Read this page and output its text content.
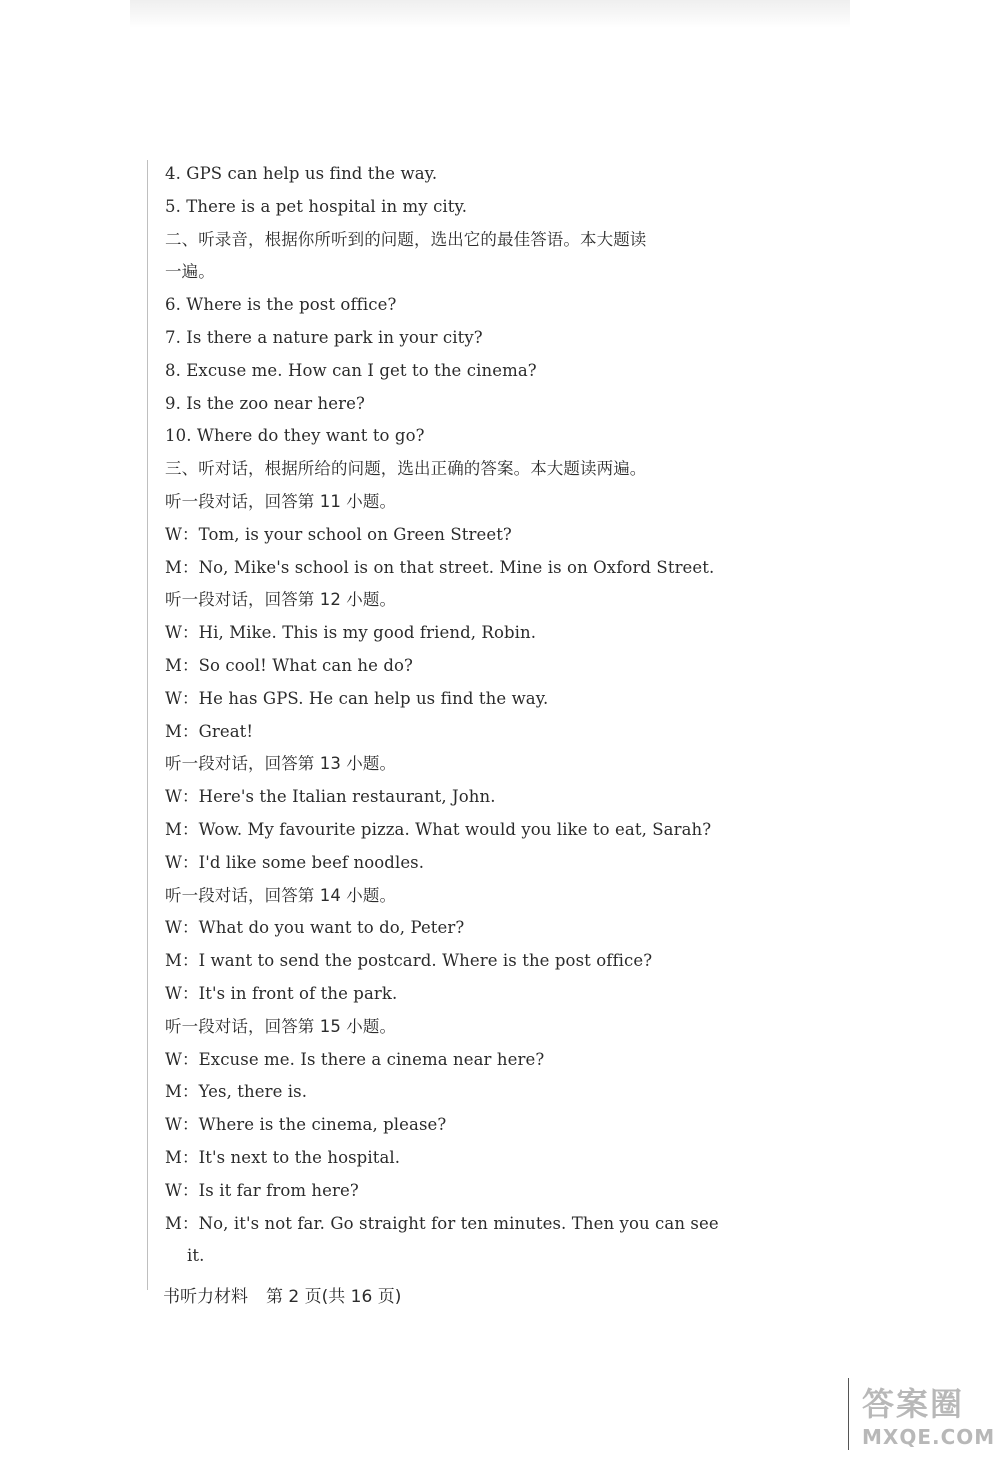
4. GPS can help us find the way.
5. There is a pet hospital in my city.
二、听录音，根据你所听到的问题，选出它的最佳答语。本大题读
一遍。
6. Where is the post office?
7. Is there a nature park in your city?
8. Excuse me. How can I get to the cinema?
9. Is the zoo near here?
10. Where do they want to go?
三、听对话，根据所给的问题，选出正确的答案。本大题读两遍。
听一段对话，回答第 11 小题。
W：Tom, is your school on Green Street?
M：No, Mike's school is on that street. Mine is on Oxford Street.
听一段对话，回答第 12 小题。
W：Hi, Mike. This is my good friend, Robin.
M：So cool! What can he do?
W：He has GPS. He can help us find the way.
M：Great!
听一段对话，回答第 13 小题。
W：Here's the Italian restaurant, John.
M：Wow. My favourite pizza. What would you like to eat, Sarah?
W：I'd like some beef noodles.
听一段对话，回答第 14 小题。
W：What do you want to do, Peter?
M：I want to send the postcard. Where is the post office?
W：It's in front of the park.
听一段对话，回答第 15 小题。
W：Excuse me. Is there a cinema near here?
M：Yes, there is.
W：Where is the cinema, please?
M：It's next to the hospital.
W：Is it far from here?
M：No, it's not far. Go straight for ten minutes. Then you can see
it.
书听力材料 第 2 页(共 16 页)
答案圈
MXQE.COM
